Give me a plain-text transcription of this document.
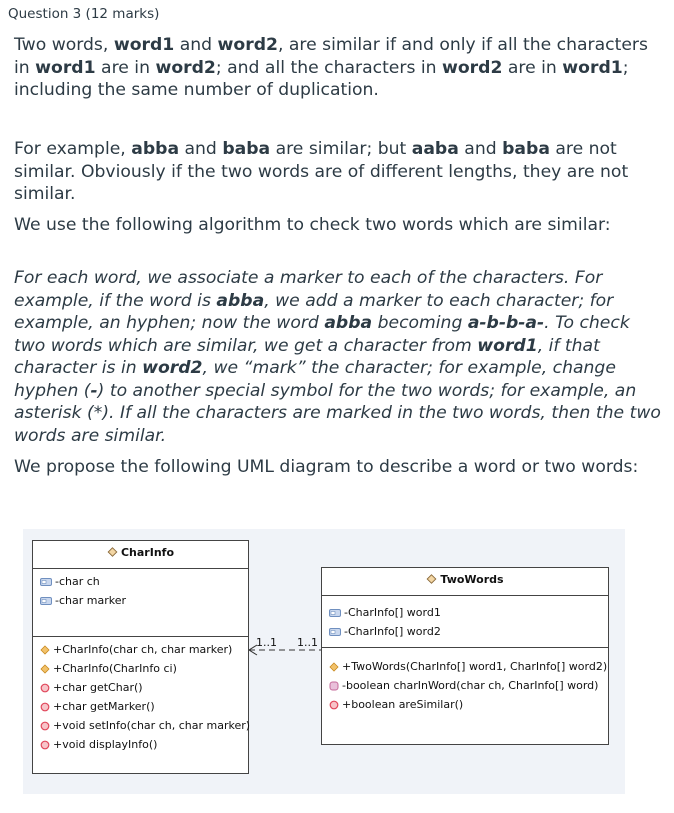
Question 3 (12 marks)
Two words, word1 and word2, are similar if and only if all the characters in word1 are in word2; and all the characters in word2 are in word1; including the same number of duplication.
For example, abba and baba are similar; but aaba and baba are not similar. Obviously if the two words are of different lengths, they are not similar.
We use the following algorithm to check two words which are similar:
For each word, we associate a marker to each of the characters. For example, if the word is abba, we add a marker to each character; for example, an hyphen; now the word abba becoming a-b-b-a-. To check two words which are similar, we get a character from word1, if that character is in word2, we “mark” the character; for example, change hyphen (-) to another special symbol for the two words; for example, an asterisk (*). If all the characters are marked in the two words, then the two words are similar.
We propose the following UML diagram to describe a word or two words:
1..1 1..1
CharInfo
-char ch
-char marker
+CharInfo(char ch, char marker)
+CharInfo(CharInfo ci)
+char getChar()
+char getMarker()
+void setInfo(char ch, char marker)
+void displayInfo()
TwoWords
-CharInfo[] word1
-CharInfo[] word2
+TwoWords(CharInfo[] word1, CharInfo[] word2)
-boolean charInWord(char ch, CharInfo[] word)
+boolean areSimilar()
